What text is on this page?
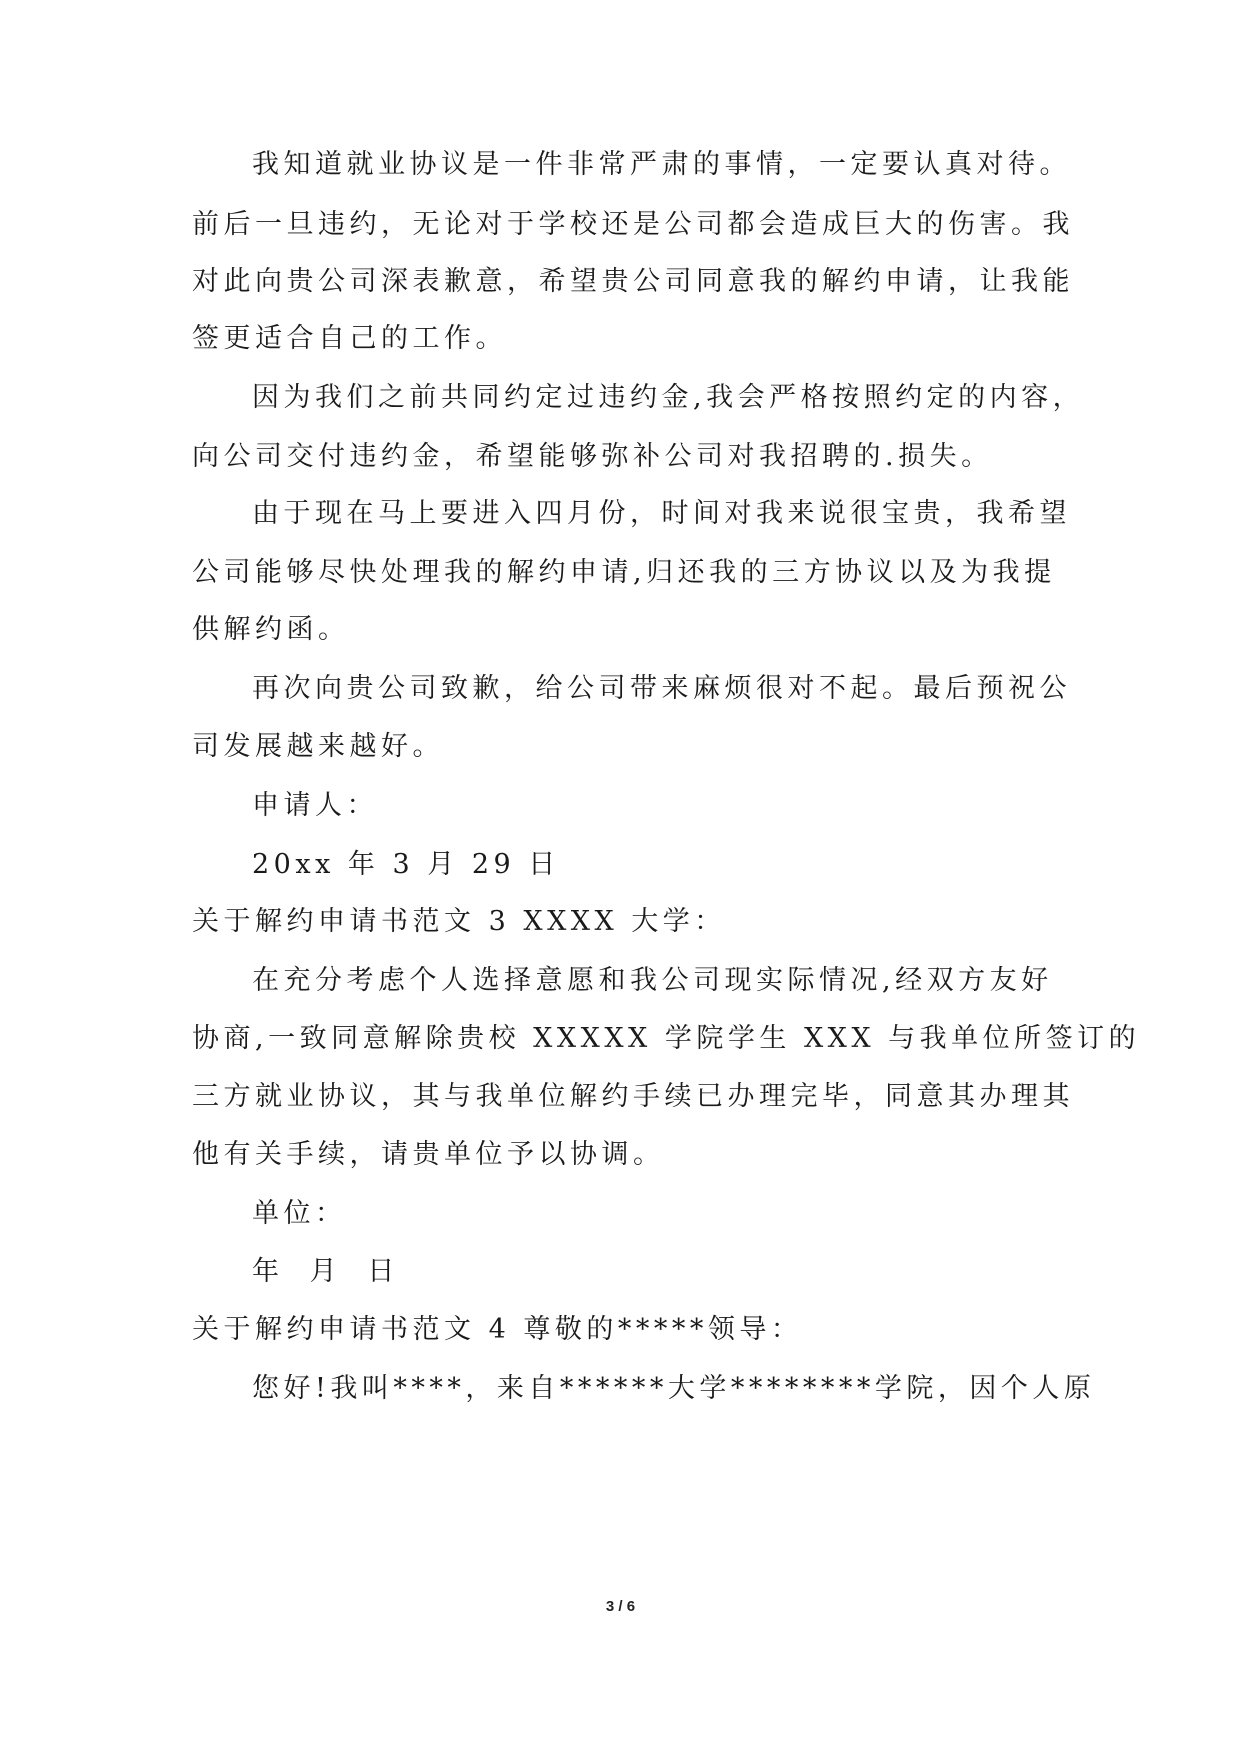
我知道就业协议是一件非常严肃的事情，一定要认真对待。
前后一旦违约，无论对于学校还是公司都会造成巨大的伤害。我
对此向贵公司深表歉意，希望贵公司同意我的解约申请，让我能
签更适合自己的工作。
因为我们之前共同约定过违约金,我会严格按照约定的内容，
向公司交付违约金，希望能够弥补公司对我招聘的.损失。
由于现在马上要进入四月份，时间对我来说很宝贵，我希望
公司能够尽快处理我的解约申请,归还我的三方协议以及为我提
供解约函。
再次向贵公司致歉，给公司带来麻烦很对不起。最后预祝公
司发展越来越好。
申请人：
20xx 年 3 月 29 日
关于解约申请书范文 3 XXXX 大学：
在充分考虑个人选择意愿和我公司现实际情况,经双方友好
协商,一致同意解除贵校 XXXXX 学院学生 XXX 与我单位所签订的
三方就业协议，其与我单位解约手续已办理完毕，同意其办理其
他有关手续，请贵单位予以协调。
单位：
年  月  日
关于解约申请书范文 4 尊敬的*****领导：
您好!我叫****，来自******大学********学院，因个人原
3 / 6
